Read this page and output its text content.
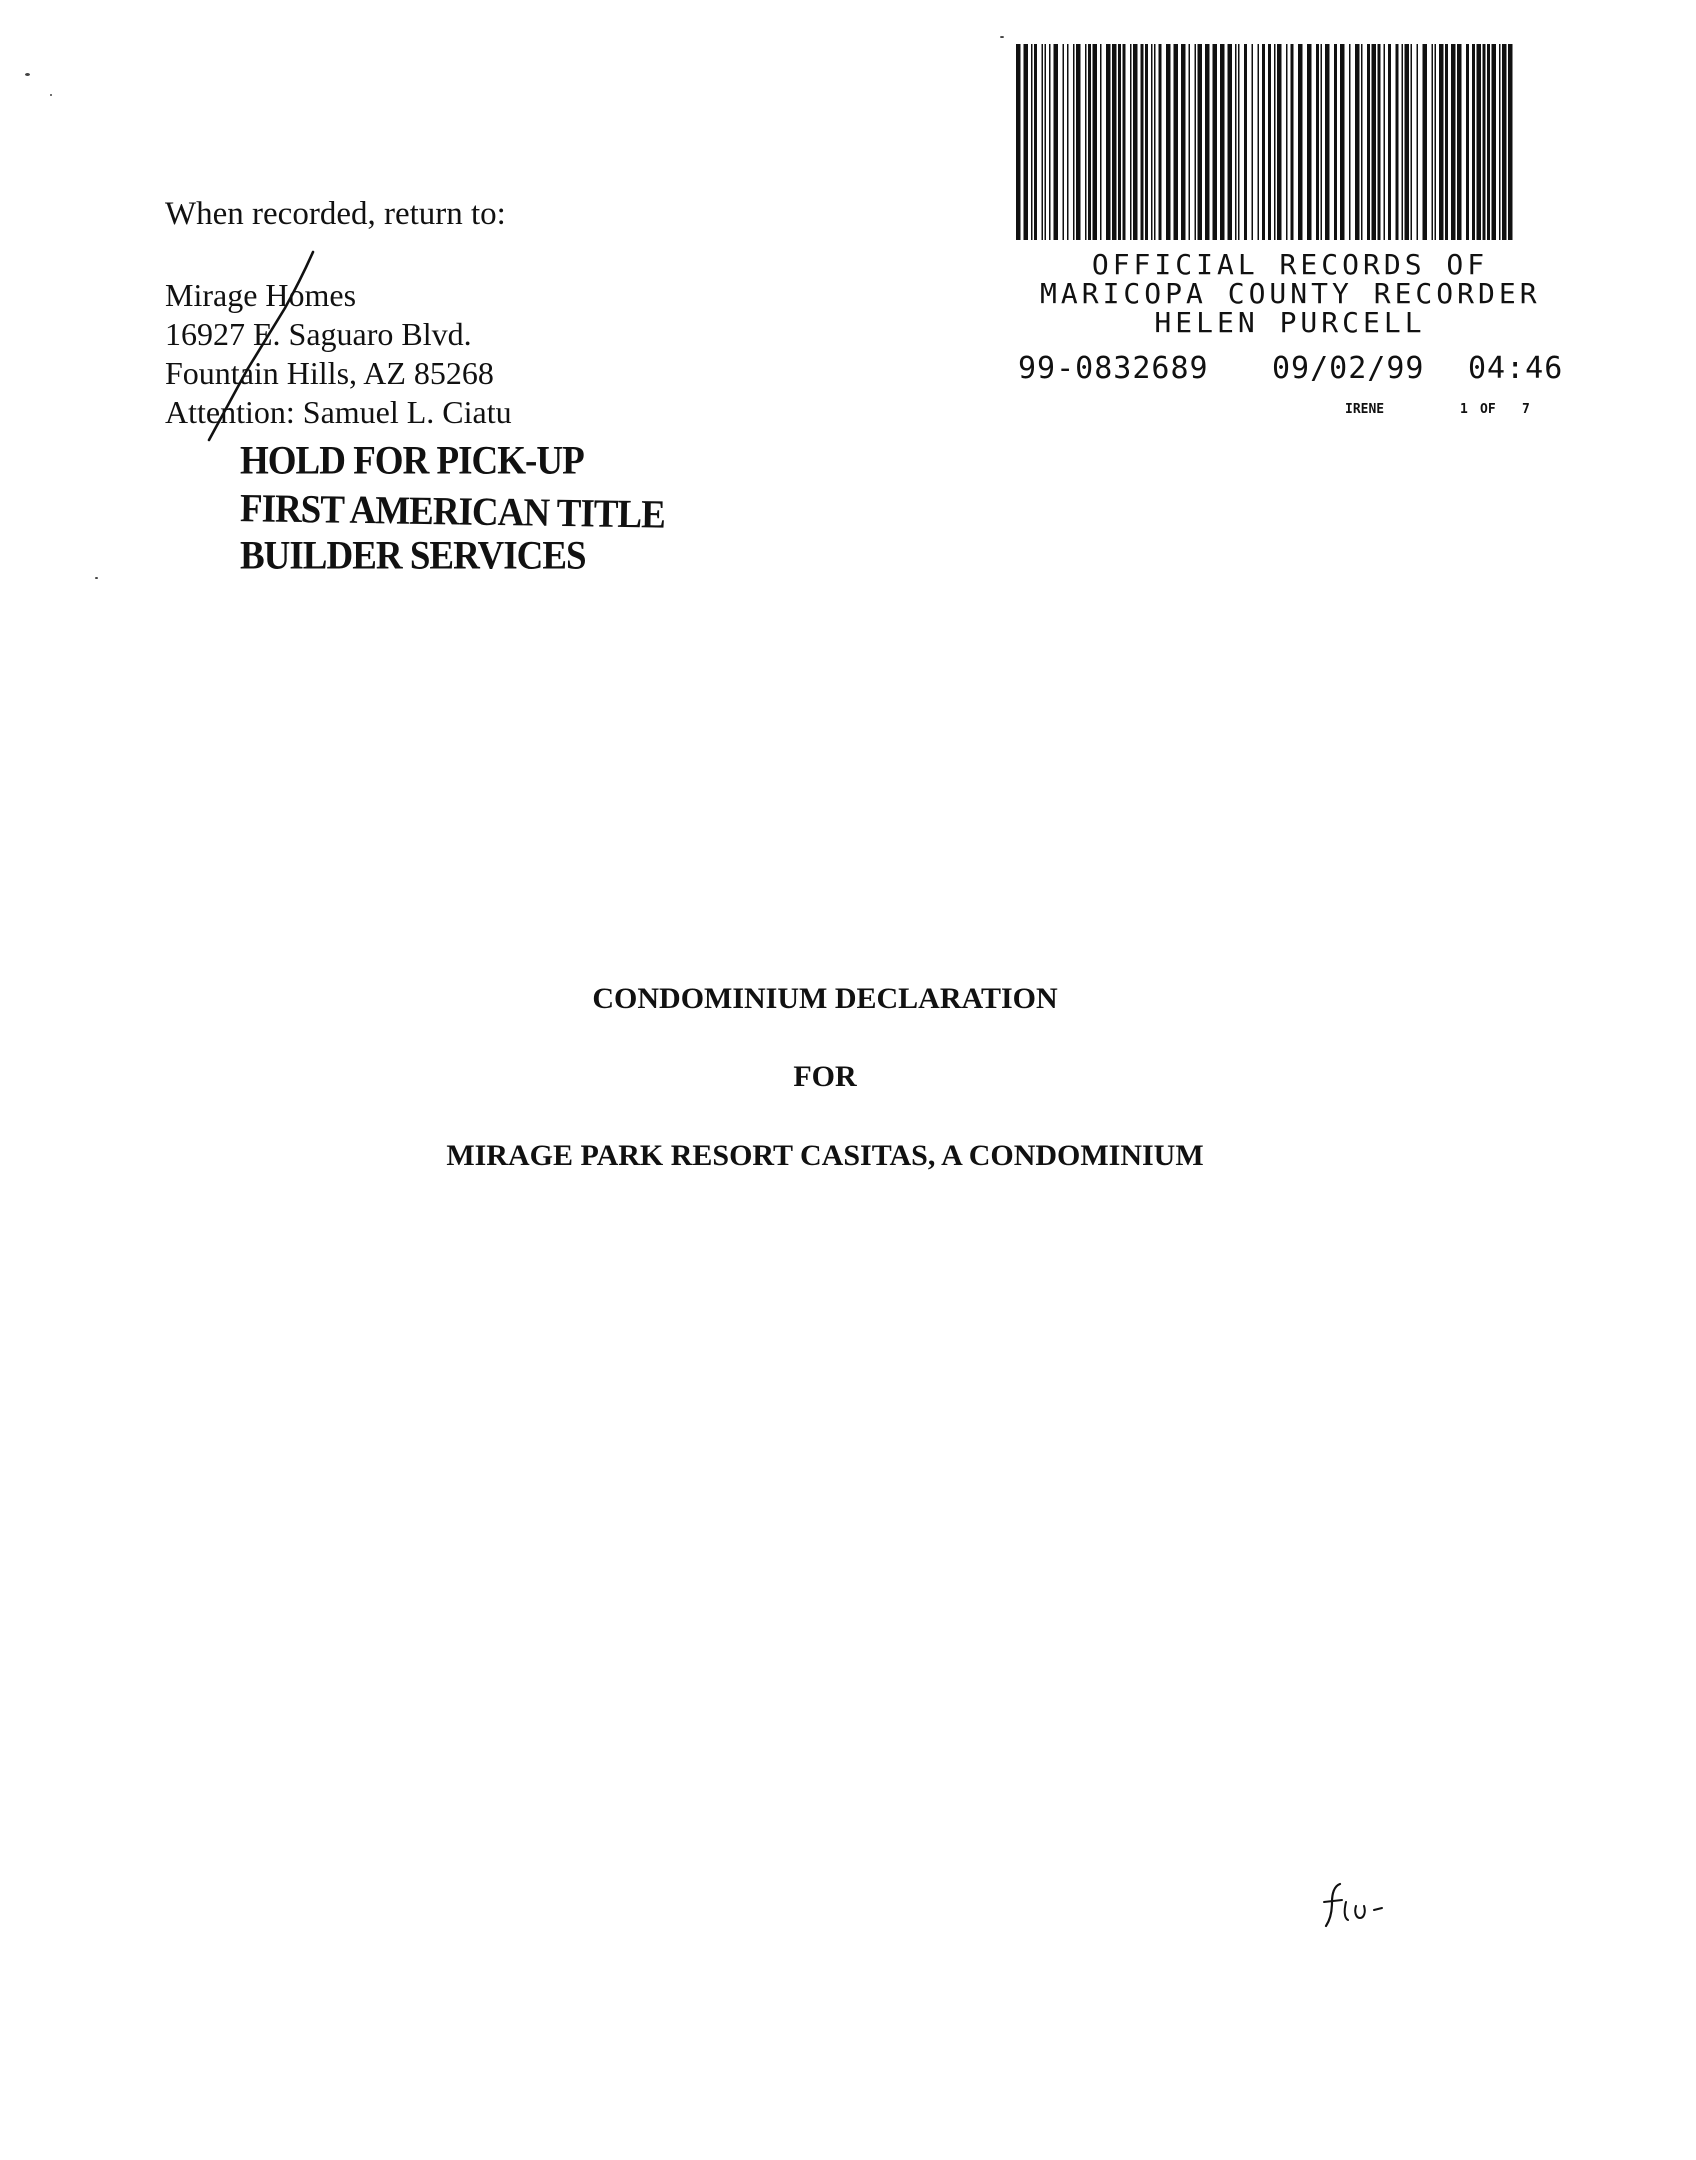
When recorded, return to:
Mirage Homes
16927 E. Saguaro Blvd.
Fountain Hills, AZ 85268
Attention: Samuel L. Ciatu
HOLD FOR PICK-UP
FIRST AMERICAN TITLE
BUILDER SERVICES
OFFICIAL RECORDS OF
MARICOPA COUNTY RECORDER
HELEN PURCELL
99-0832689 09/02/99 04:46
IRENE	1 OF 7
CONDOMINIUM DECLARATION
FOR
MIRAGE PARK RESORT CASITAS, A CONDOMINIUM
